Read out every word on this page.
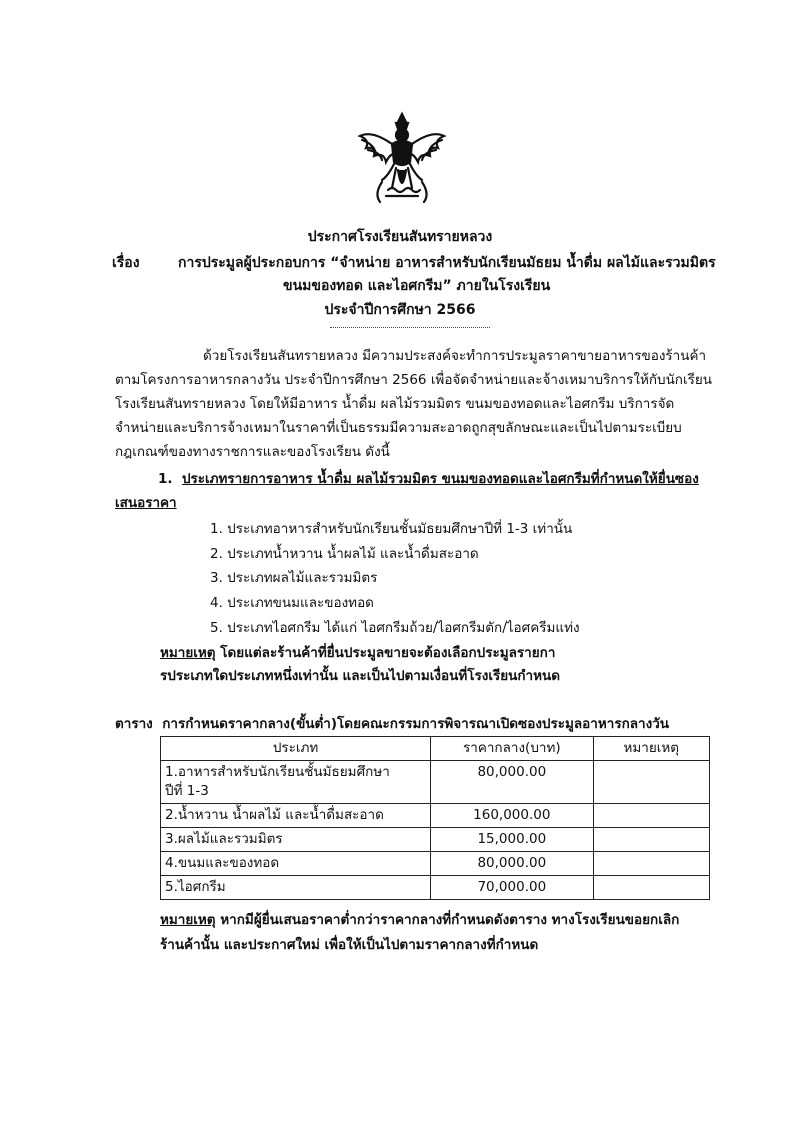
ประกาศโรงเรียนสันทรายหลวง
เรื่อง	การประมูลผู้ประกอบการ “จำหน่าย อาหารสำหรับนักเรียนมัธยม น้ำดื่ม ผลไม้และรวมมิตร
ขนมของทอด และไอศกรีม” ภายในโรงเรียน
ประจำปีการศึกษา 2566
ด้วยโรงเรียนสันทรายหลวง มีความประสงค์จะทำการประมูลราคาขายอาหารของร้านค้า
ตามโครงการอาหารกลางวัน ประจำปีการศึกษา 2566 เพื่อจัดจำหน่ายและจ้างเหมาบริการให้กับนักเรียน
โรงเรียนสันทรายหลวง โดยให้มีอาหาร น้ำดื่ม ผลไม้รวมมิตร ขนมของทอดและไอศกรีม บริการจัด
จำหน่ายและบริการจ้างเหมาในราคาที่เป็นธรรมมีความสะอาดถูกสุขลักษณะและเป็นไปตามระเบียบ
กฎเกณฑ์ของทางราชการและของโรงเรียน ดังนี้
1. ประเภทรายการอาหาร น้ำดื่ม ผลไม้รวมมิตร ขนมของทอดและไอศกรีมที่กำหนดให้ยื่นซอง
เสนอราคา
1. ประเภทอาหารสำหรับนักเรียนชั้นมัธยมศึกษาปีที่ 1-3 เท่านั้น
2. ประเภทน้ำหวาน น้ำผลไม้ และน้ำดื่มสะอาด
3. ประเภทผลไม้และรวมมิตร
4. ประเภทขนมและของทอด
5. ประเภทไอศกรีม ได้แก่ ไอศกรีมถ้วย/ไอศกรีมตัก/ไอศครีมแท่ง
หมายเหตุ โดยแต่ละร้านค้าที่ยื่นประมูลขายจะต้องเลือกประมูลรายกา
รประเภทใดประเภทหนึ่งเท่านั้น และเป็นไปตามเงื่อนที่โรงเรียนกำหนด
ตาราง การกำหนดราคากลาง(ขั้นต่ำ)โดยคณะกรรมการพิจารณาเปิดซองประมูลอาหารกลางวัน
ประเภท	ราคากลาง(บาท)	หมายเหตุ
1.อาหารสำหรับนักเรียนชั้นมัธยมศึกษา
ปีที่ 1-3	80,000.00	
2.น้ำหวาน น้ำผลไม้ และน้ำดื่มสะอาด	160,000.00	
3.ผลไม้และรวมมิตร	15,000.00	
4.ขนมและของทอด	80,000.00	
5.ไอศกรีม	70,000.00	
หมายเหตุ หากมีผู้ยื่นเสนอราคาต่ำกว่าราคากลางที่กำหนดดังตาราง ทางโรงเรียนขอยกเลิก
ร้านค้านั้น และประกาศใหม่ เพื่อให้เป็นไปตามราคากลางที่กำหนด
